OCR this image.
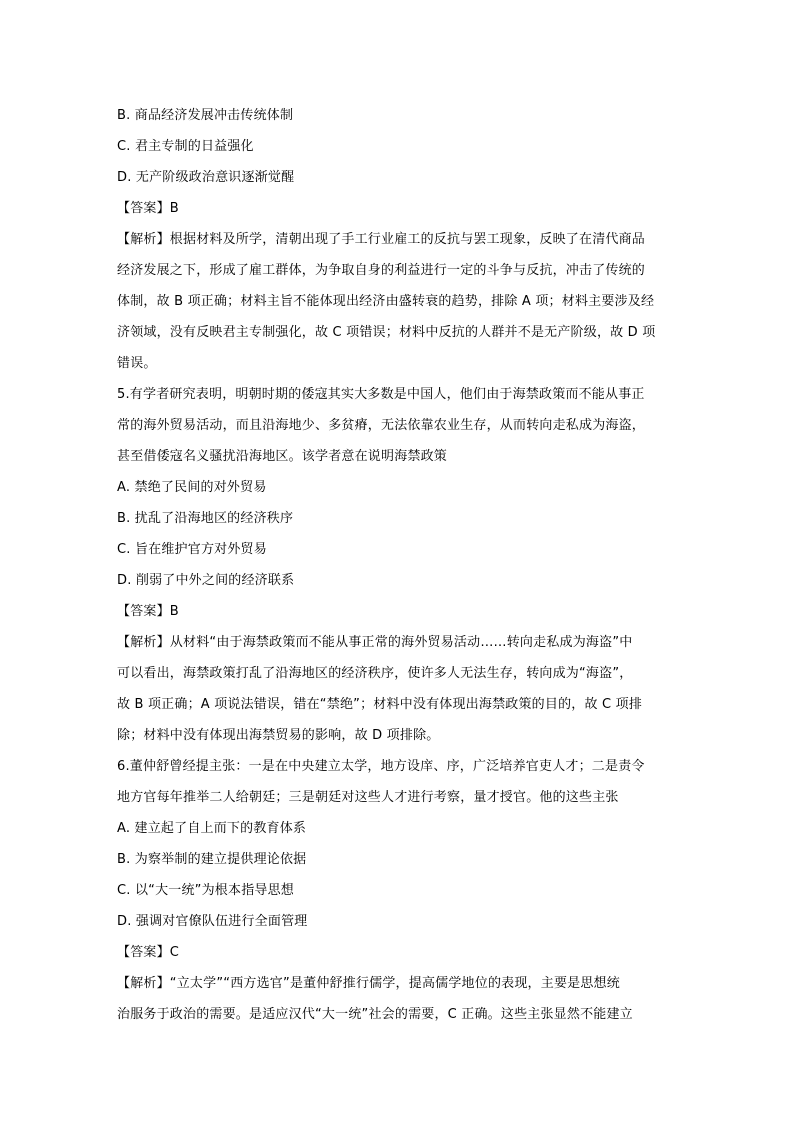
B. 商品经济发展冲击传统体制
C. 君主专制的日益强化
D. 无产阶级政治意识逐渐觉醒
【答案】B
【解析】根据材料及所学，清朝出现了手工行业雇工的反抗与罢工现象，反映了在清代商品
经济发展之下，形成了雇工群体，为争取自身的利益进行一定的斗争与反抗，冲击了传统的
体制，故 B 项正确；材料主旨不能体现出经济由盛转衰的趋势，排除 A 项；材料主要涉及经
济领域，没有反映君主专制强化，故 C 项错误；材料中反抗的人群并不是无产阶级，故 D 项
错误。
5.有学者研究表明，明朝时期的倭寇其实大多数是中国人，他们由于海禁政策而不能从事正
常的海外贸易活动，而且沿海地少、多贫瘠，无法依靠农业生存，从而转向走私成为海盗，
甚至借倭寇名义骚扰沿海地区。该学者意在说明海禁政策
A. 禁绝了民间的对外贸易
B. 扰乱了沿海地区的经济秩序
C. 旨在维护官方对外贸易
D. 削弱了中外之间的经济联系
【答案】B
【解析】从材料“由于海禁政策而不能从事正常的海外贸易活动……转向走私成为海盗”中
可以看出，海禁政策打乱了沿海地区的经济秩序，使许多人无法生存，转向成为“海盗”，
故 B 项正确；A 项说法错误，错在“禁绝”；材料中没有体现出海禁政策的目的，故 C 项排
除；材料中没有体现出海禁贸易的影响，故 D 项排除。
6.董仲舒曾经提主张：一是在中央建立太学，地方设庠、序，广泛培养官吏人才；二是责令
地方官每年推举二人给朝廷；三是朝廷对这些人才进行考察，量才授官。他的这些主张
A. 建立起了自上而下的教育体系
B. 为察举制的建立提供理论依据
C. 以“大一统”为根本指导思想
D. 强调对官僚队伍进行全面管理
【答案】C
【解析】“立太学”“西方选官”是董仲舒推行儒学，提高儒学地位的表现，主要是思想统
治服务于政治的需要。是适应汉代“大一统”社会的需要，C 正确。这些主张显然不能建立
